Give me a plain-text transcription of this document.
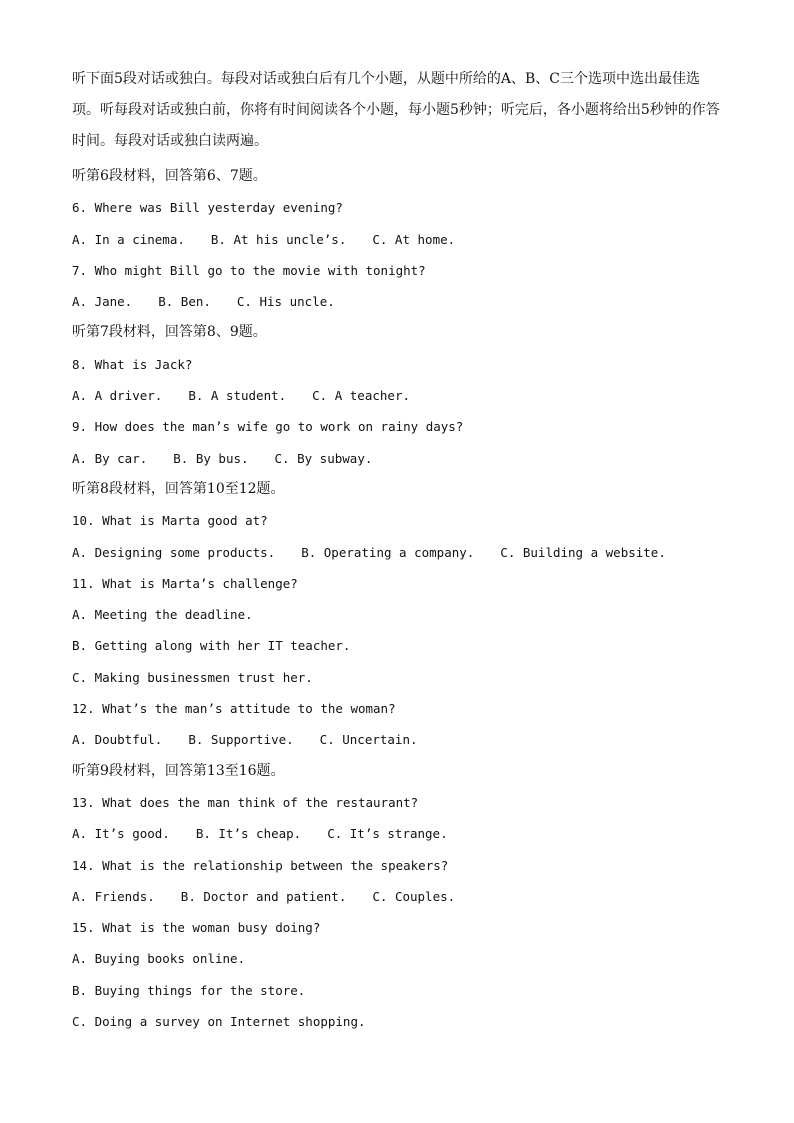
听下面5段对话或独白。每段对话或独白后有几个小题，从题中所给的A、B、C三个选项中选出最佳选项。听每段对话或独白前，你将有时间阅读各个小题，每小题5秒钟；听完后，各小题将给出5秒钟的作答时间。每段对话或独白读两遍。

听第6段材料，回答第6、7题。
6. Where was Bill yesterday evening?
A. In a cinema. B. At his uncle’s. C. At home.
7. Who might Bill go to the movie with tonight?
A. Jane. B. Ben. C. His uncle.
听第7段材料，回答第8、9题。
8. What is Jack?
A. A driver. B. A student. C. A teacher.
9. How does the man’s wife go to work on rainy days?
A. By car. B. By bus. C. By subway.
听第8段材料，回答第10至12题。
10. What is Marta good at?
A. Designing some products. B. Operating a company. C. Building a website.
11. What is Marta’s challenge?
A. Meeting the deadline.
B. Getting along with her IT teacher.
C. Making businessmen trust her.
12. What’s the man’s attitude to the woman?
A. Doubtful. B. Supportive. C. Uncertain.
听第9段材料，回答第13至16题。
13. What does the man think of the restaurant?
A. It’s good. B. It’s cheap. C. It’s strange.
14. What is the relationship between the speakers?
A. Friends. B. Doctor and patient. C. Couples.
15. What is the woman busy doing?
A. Buying books online.
B. Buying things for the store.
C. Doing a survey on Internet shopping.
